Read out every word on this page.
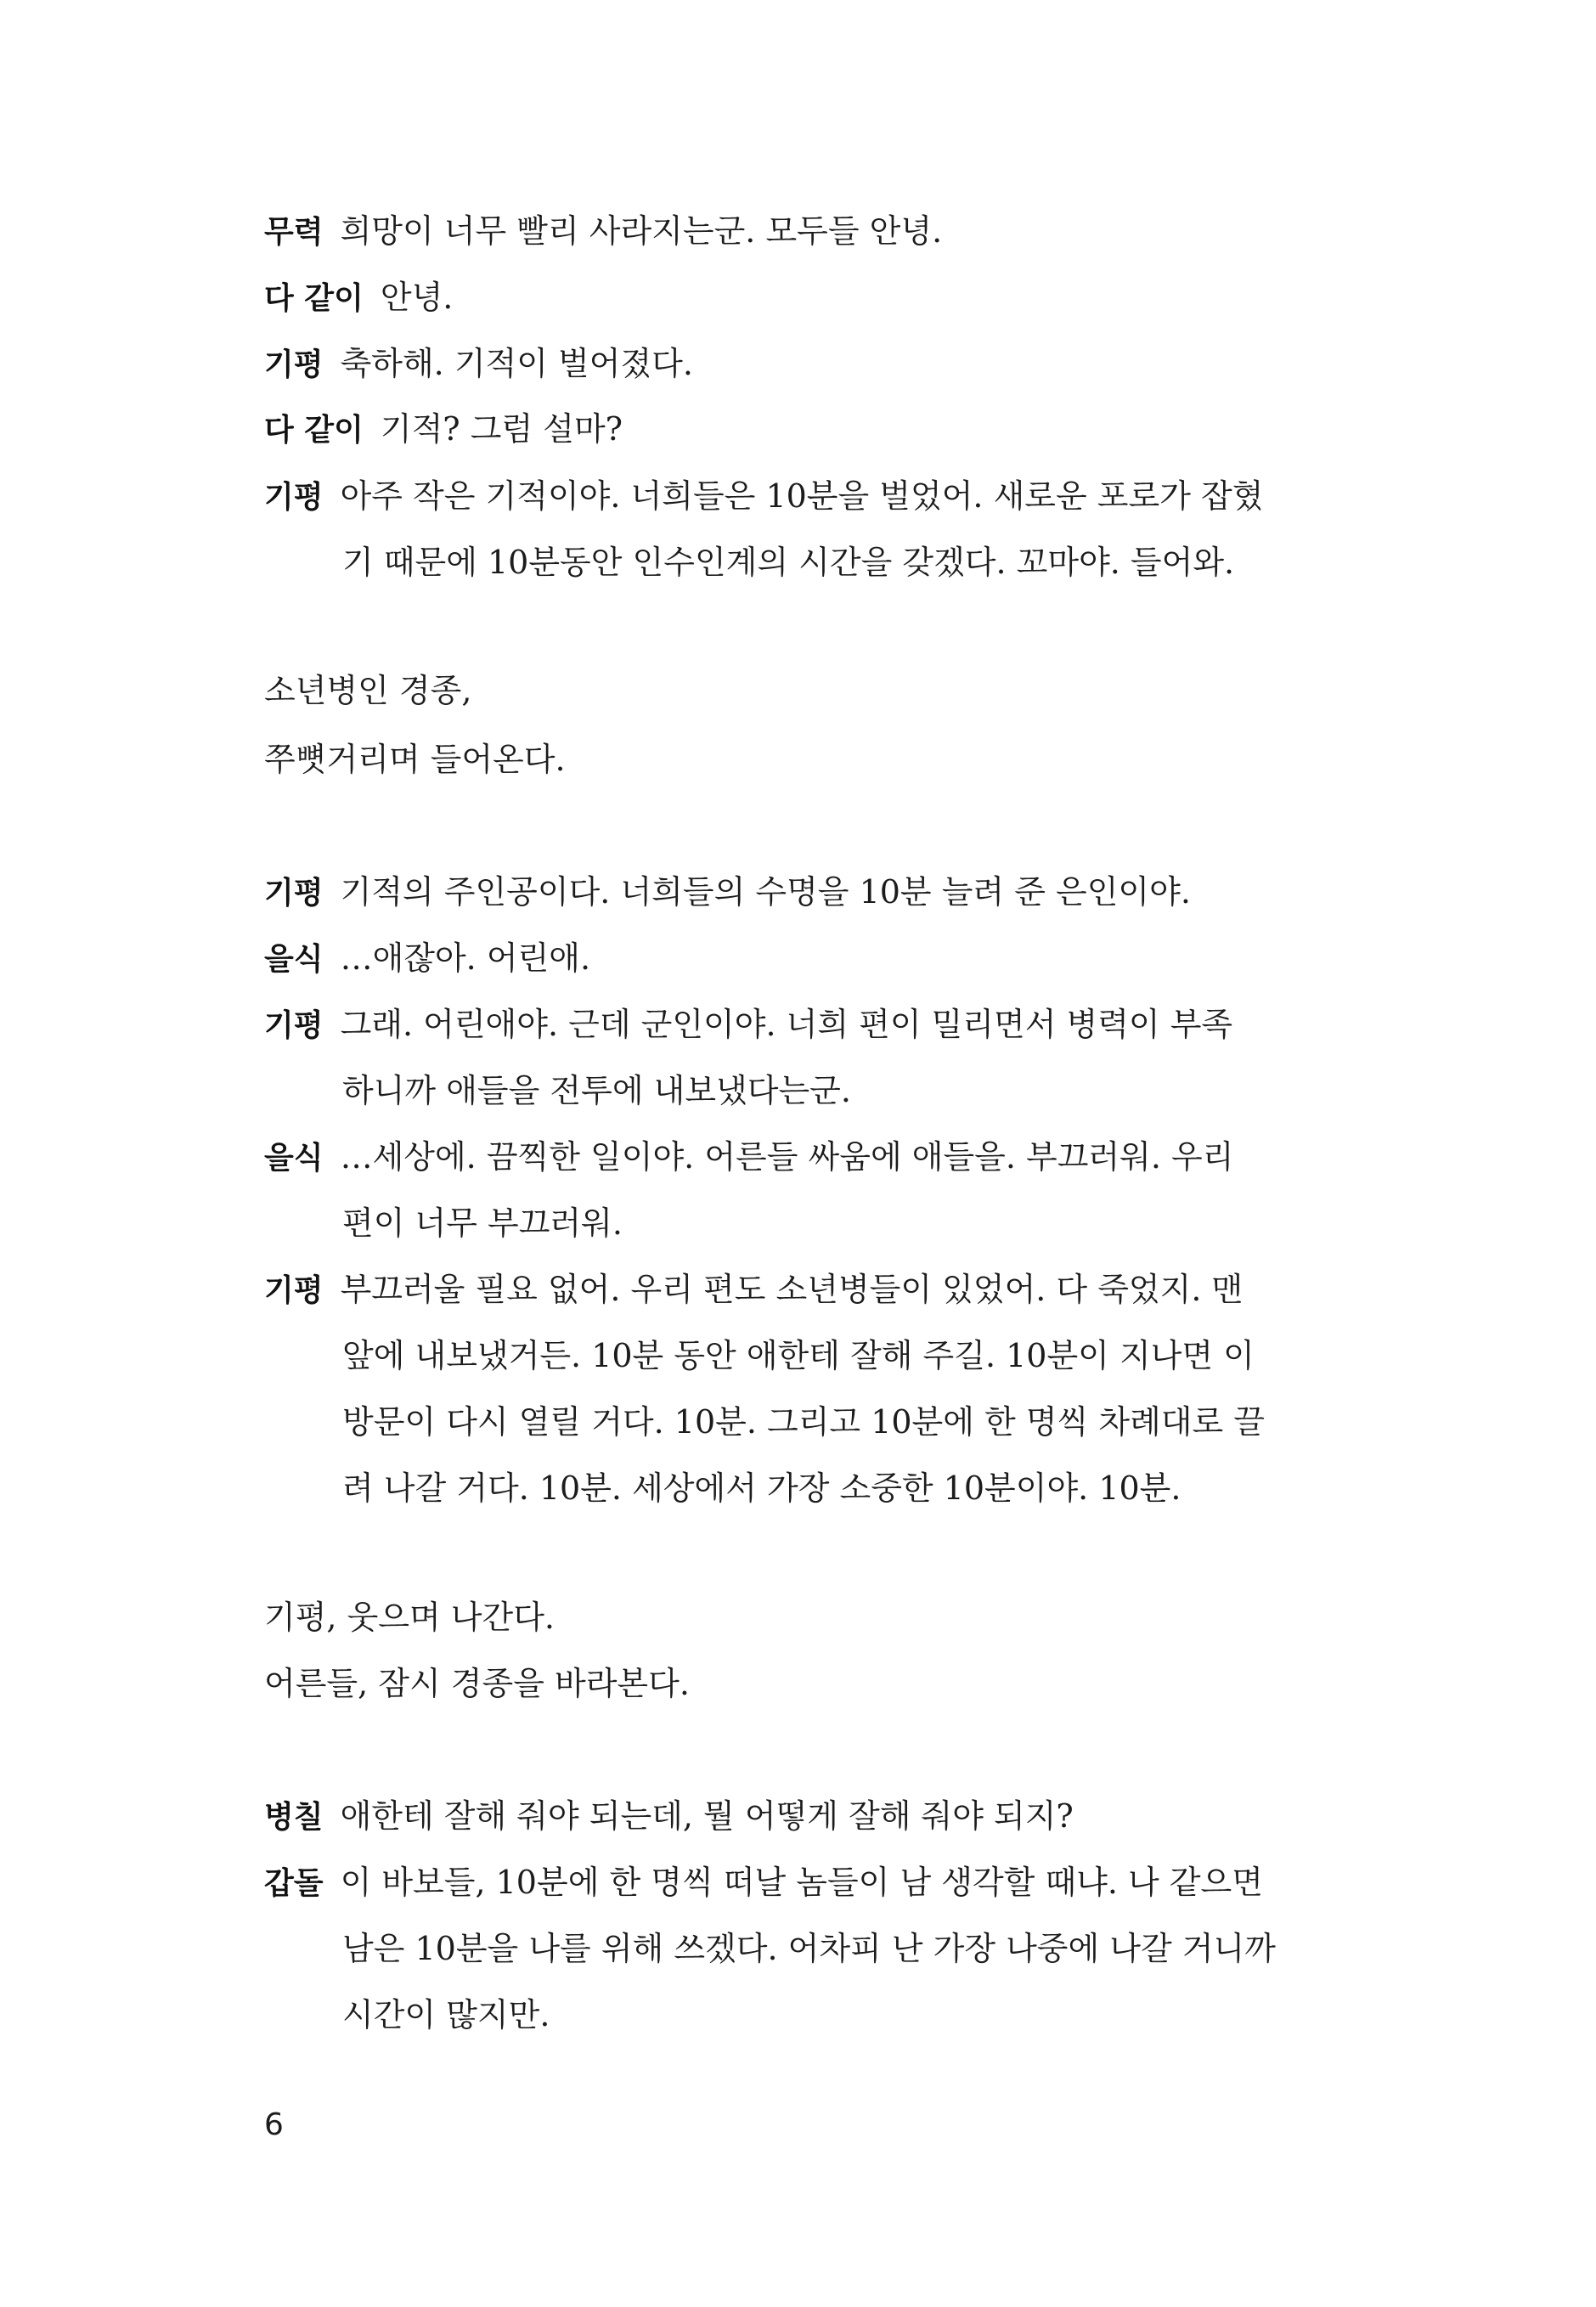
무력 희망이 너무 빨리 사라지는군. 모두들 안녕.
다 같이 안녕.
기평 축하해. 기적이 벌어졌다.
다 같이 기적? 그럼 설마?
기평 아주 작은 기적이야. 너희들은 10분을 벌었어. 새로운 포로가 잡혔
기 때문에 10분동안 인수인계의 시간을 갖겠다. 꼬마야. 들어와.
소년병인 경종,
쭈뼛거리며 들어온다.
기평 기적의 주인공이다. 너희들의 수명을 10분 늘려 준 은인이야.
을식 …애잖아. 어린애.
기평 그래. 어린애야. 근데 군인이야. 너희 편이 밀리면서 병력이 부족
하니까 애들을 전투에 내보냈다는군.
을식 …세상에. 끔찍한 일이야. 어른들 싸움에 애들을. 부끄러워. 우리
편이 너무 부끄러워.
기평 부끄러울 필요 없어. 우리 편도 소년병들이 있었어. 다 죽었지. 맨
앞에 내보냈거든. 10분 동안 애한테 잘해 주길. 10분이 지나면 이
방문이 다시 열릴 거다. 10분. 그리고 10분에 한 명씩 차례대로 끌
려 나갈 거다. 10분. 세상에서 가장 소중한 10분이야. 10분.
기평, 웃으며 나간다.
어른들, 잠시 경종을 바라본다.
병칠 애한테 잘해 줘야 되는데, 뭘 어떻게 잘해 줘야 되지?
갑돌 이 바보들, 10분에 한 명씩 떠날 놈들이 남 생각할 때냐. 나 같으면
남은 10분을 나를 위해 쓰겠다. 어차피 난 가장 나중에 나갈 거니까
시간이 많지만.
6
